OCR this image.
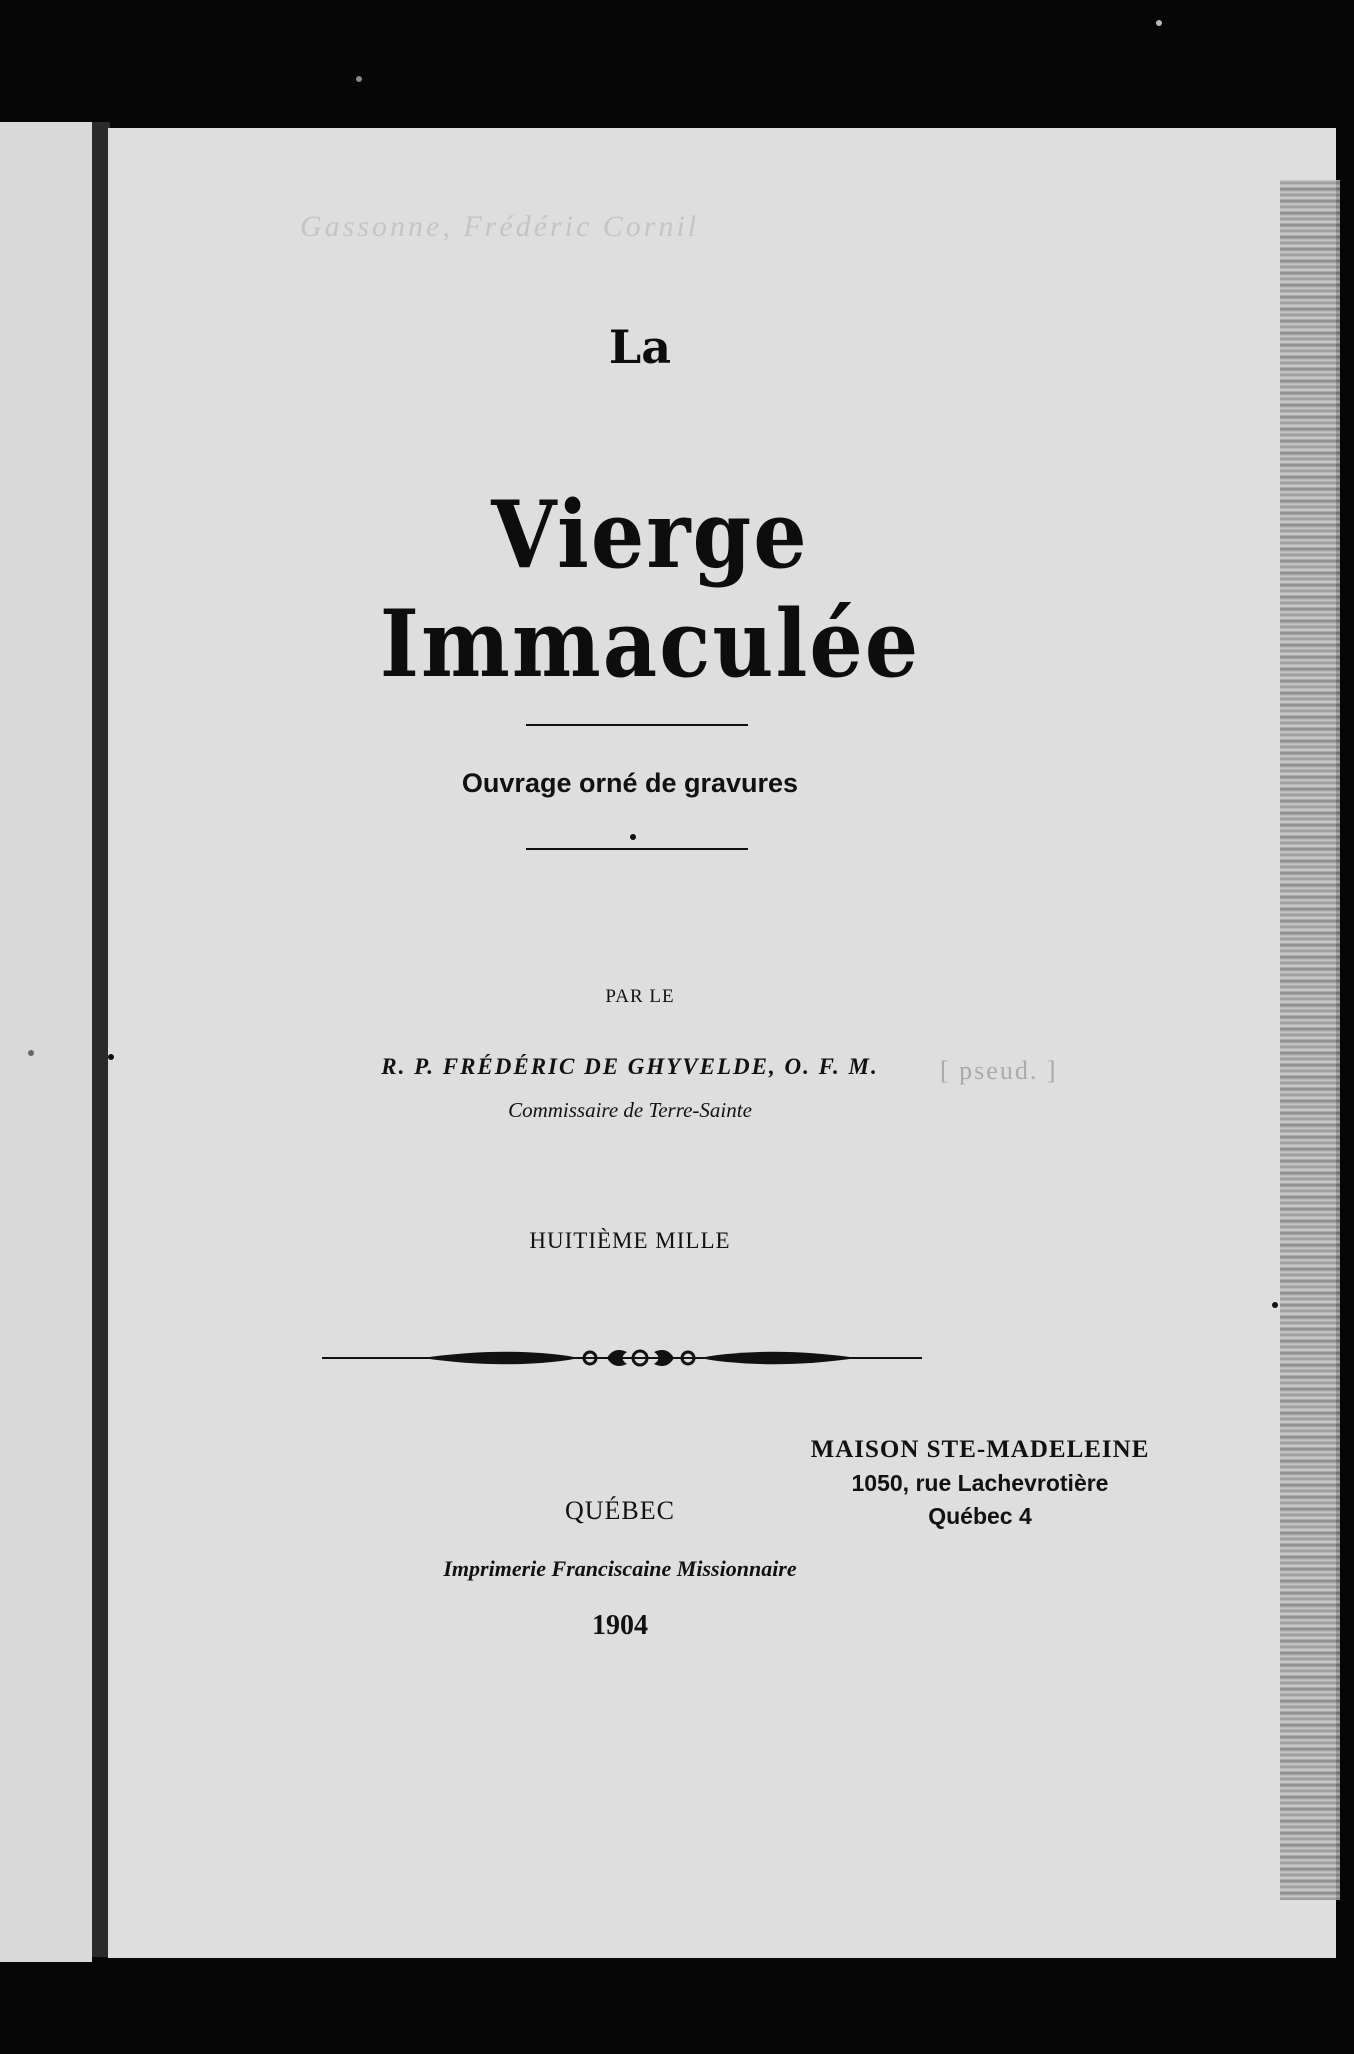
Gassonne, Frédéric Cornil
La
Vierge Immaculée
Ouvrage orné de gravures
PAR LE
R. P. FRÉDÉRIC DE GHYVELDE, O. F. M.	[ pseud. ]
Commissaire de Terre-Sainte
HUITIÈME MILLE
QUÉBEC
Imprimerie Franciscaine Missionnaire
1904
MAISON STE-MADELEINE
1050, rue Lachevrotière
Québec 4
